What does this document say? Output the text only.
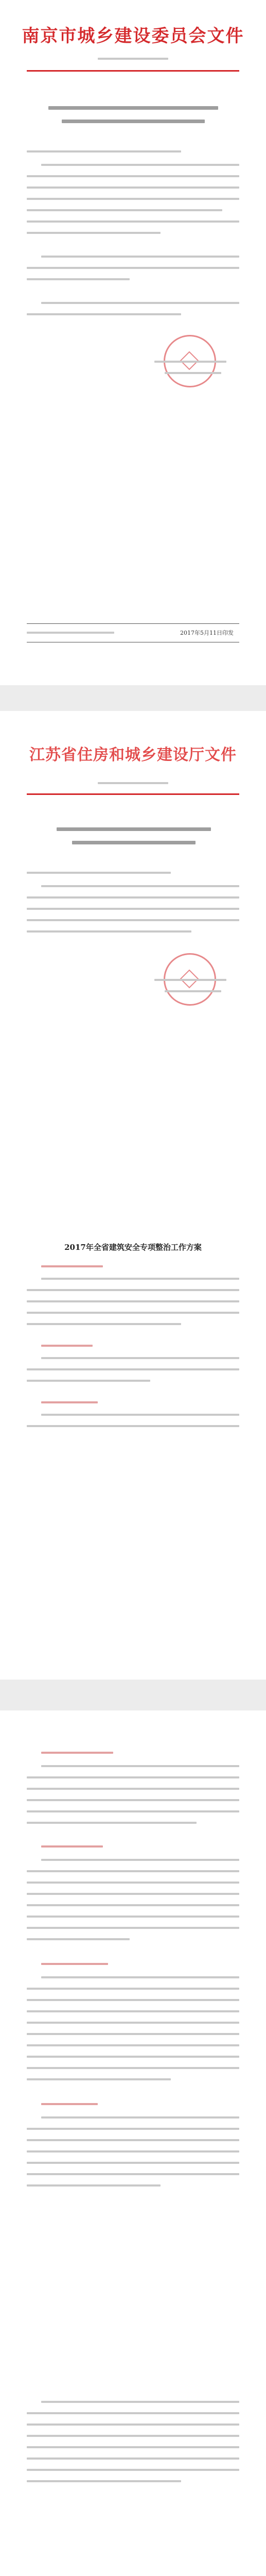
南京市城乡建设委员会文件
2017年5月11日印发
江苏省住房和城乡建设厅文件
2017年全省建筑安全专项整治工作方案
